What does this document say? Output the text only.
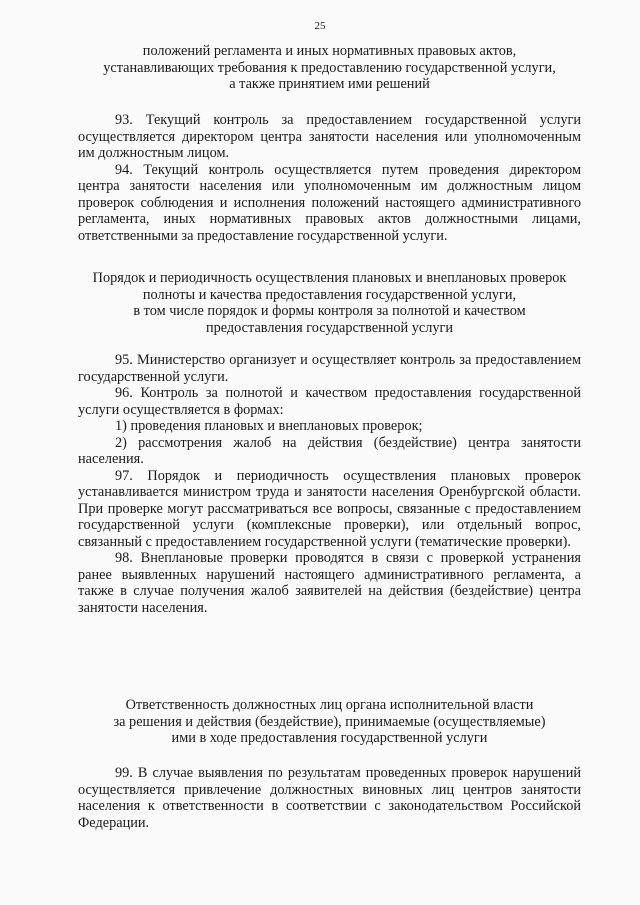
25
положений регламента и иных нормативных правовых актов,
устанавливающих требования к предоставлению государственной услуги,
а также принятием ими решений

93. Текущий контроль за предоставлением государственной услуги осуществляется директором центра занятости населения или уполномоченным им должностным лицом.

94. Текущий контроль осуществляется путем проведения директором центра занятости населения или уполномоченным им должностным лицом проверок соблюдения и исполнения положений настоящего административного регламента, иных нормативных правовых актов должностными лицами, ответственными за предоставление государственной услуги.

Порядок и периодичность осуществления плановых и внеплановых проверок
полноты и качества предоставления государственной услуги,
в том числе порядок и формы контроля за полнотой и качеством
предоставления государственной услуги

95. Министерство организует и осуществляет контроль за предоставлением государственной услуги.

96. Контроль за полнотой и качеством предоставления государственной услуги осуществляется в формах:

1) проведения плановых и внеплановых проверок;

2) рассмотрения жалоб на действия (бездействие) центра занятости населения.

97. Порядок и периодичность осуществления плановых проверок устанавливается министром труда и занятости населения Оренбургской области. При проверке могут рассматриваться все вопросы, связанные с предоставлением государственной услуги (комплексные проверки), или отдельный вопрос, связанный с предоставлением государственной услуги (тематические проверки).

98. Внеплановые проверки проводятся в связи с проверкой устранения ранее выявленных нарушений настоящего административного регламента, а также в случае получения жалоб заявителей на действия (бездействие) центра занятости населения.

Ответственность должностных лиц органа исполнительной власти
за решения и действия (бездействие), принимаемые (осуществляемые)
ими в ходе предоставления государственной услуги

99. В случае выявления по результатам проведенных проверок нарушений осуществляется привлечение должностных виновных лиц центров занятости населения к ответственности в соответствии с законодательством Российской Федерации.
